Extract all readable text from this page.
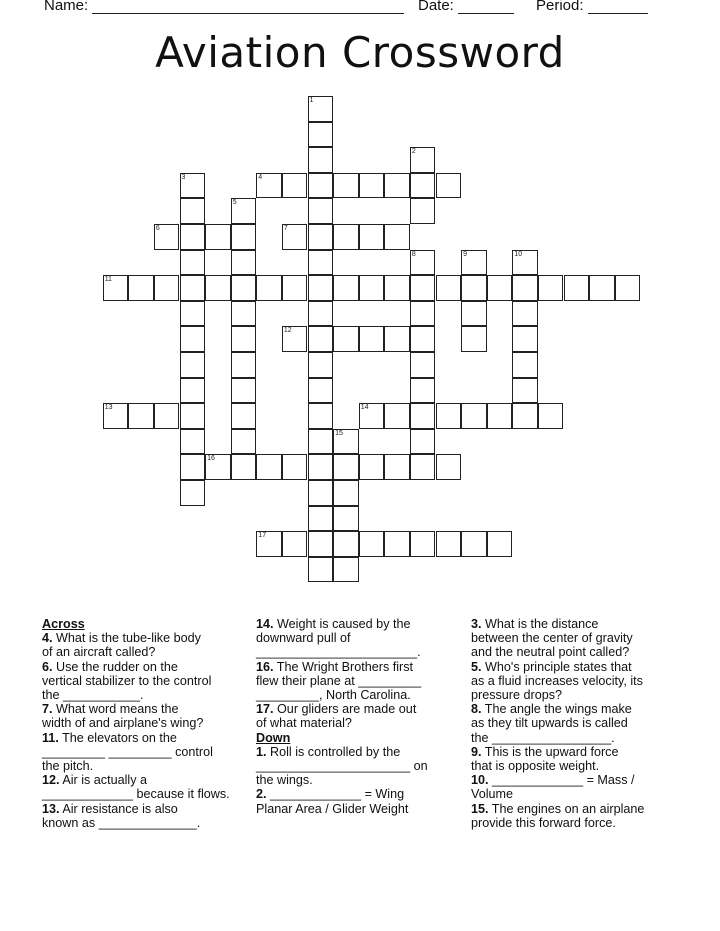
Name:	Date:	Period:
Aviation Crossword
1
2
3	4
5
6	7
8	9	10
11
12
13	14
15
16
17

Across

4. What is the tube-like body

of an aircraft called?

6. Use the rudder on the

vertical stabilizer to the control

the ___________.

7. What word means the

width of and airplane's wing?

11. The elevators on the

_________ _________ control

the pitch.

12. Air is actually a

_____________ because it flows.

13. Air resistance is also

known as ______________.

14. Weight is caused by the

downward pull of

_______________________.

16. The Wright Brothers first

flew their plane at _________

_________, North Carolina.

17. Our gliders are made out

of what material?

Down

1. Roll is controlled by the

______________________ on

the wings.

2. _____________ = Wing

Planar Area / Glider Weight

3. What is the distance

between the center of gravity

and the neutral point called?

5. Who's principle states that

as a fluid increases velocity, its

pressure drops?

8. The angle the wings make

as they tilt upwards is called

the _________________.

9. This is the upward force

that is opposite weight.

10. _____________ = Mass /

Volume

15. The engines on an airplane

provide this forward force.
